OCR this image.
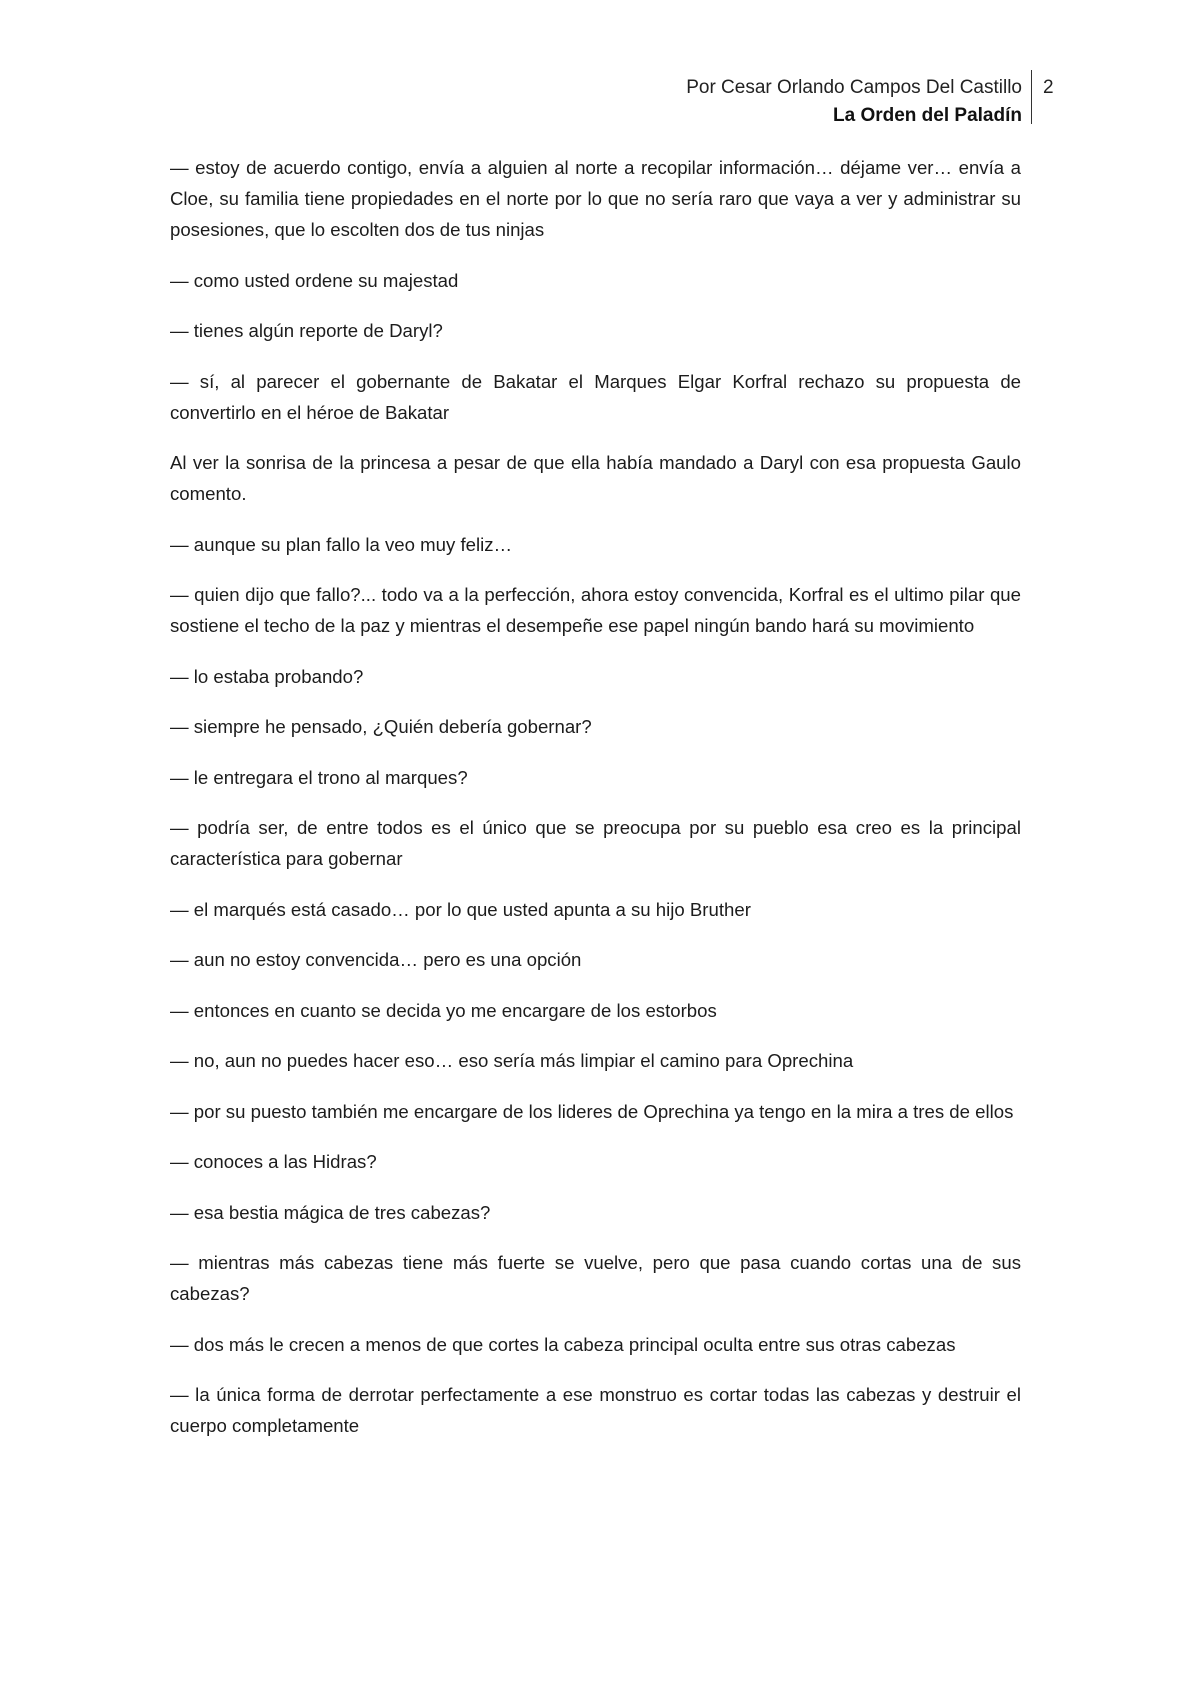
Por Cesar Orlando Campos Del Castillo
La Orden del Paladín
2

— estoy de acuerdo contigo, envía a alguien al norte a recopilar información… déjame ver… envía a Cloe, su familia tiene propiedades en el norte por lo que no sería raro que vaya a ver y administrar su posesiones, que lo escolten dos de tus ninjas

— como usted ordene su majestad

— tienes algún reporte de Daryl?

— sí, al parecer el gobernante de Bakatar el Marques Elgar Korfral rechazo su propuesta de convertirlo en el héroe de Bakatar

Al ver la sonrisa de la princesa a pesar de que ella había mandado a Daryl con esa propuesta Gaulo comento.

— aunque su plan fallo la veo muy feliz…

— quien dijo que fallo?... todo va a la perfección, ahora estoy convencida, Korfral es el ultimo pilar que sostiene el techo de la paz y mientras el desempeñe ese papel ningún bando hará su movimiento

— lo estaba probando?

— siempre he pensado, ¿Quién debería gobernar?

— le entregara el trono al marques?

— podría ser, de entre todos es el único que se preocupa por su pueblo esa creo es la principal característica para gobernar

— el marqués está casado… por lo que usted apunta a su hijo Bruther

— aun no estoy convencida… pero es una opción

— entonces en cuanto se decida yo me encargare de los estorbos

— no, aun no puedes hacer eso… eso sería más limpiar el camino para Oprechina

— por su puesto también me encargare de los lideres de Oprechina ya tengo en la mira a tres de ellos

— conoces a las Hidras?

— esa bestia mágica de tres cabezas?

— mientras más cabezas tiene más fuerte se vuelve, pero que pasa cuando cortas una de sus cabezas?

— dos más le crecen a menos de que cortes la cabeza principal oculta entre sus otras cabezas

— la única forma de derrotar perfectamente a ese monstruo es cortar todas las cabezas y destruir el cuerpo completamente
